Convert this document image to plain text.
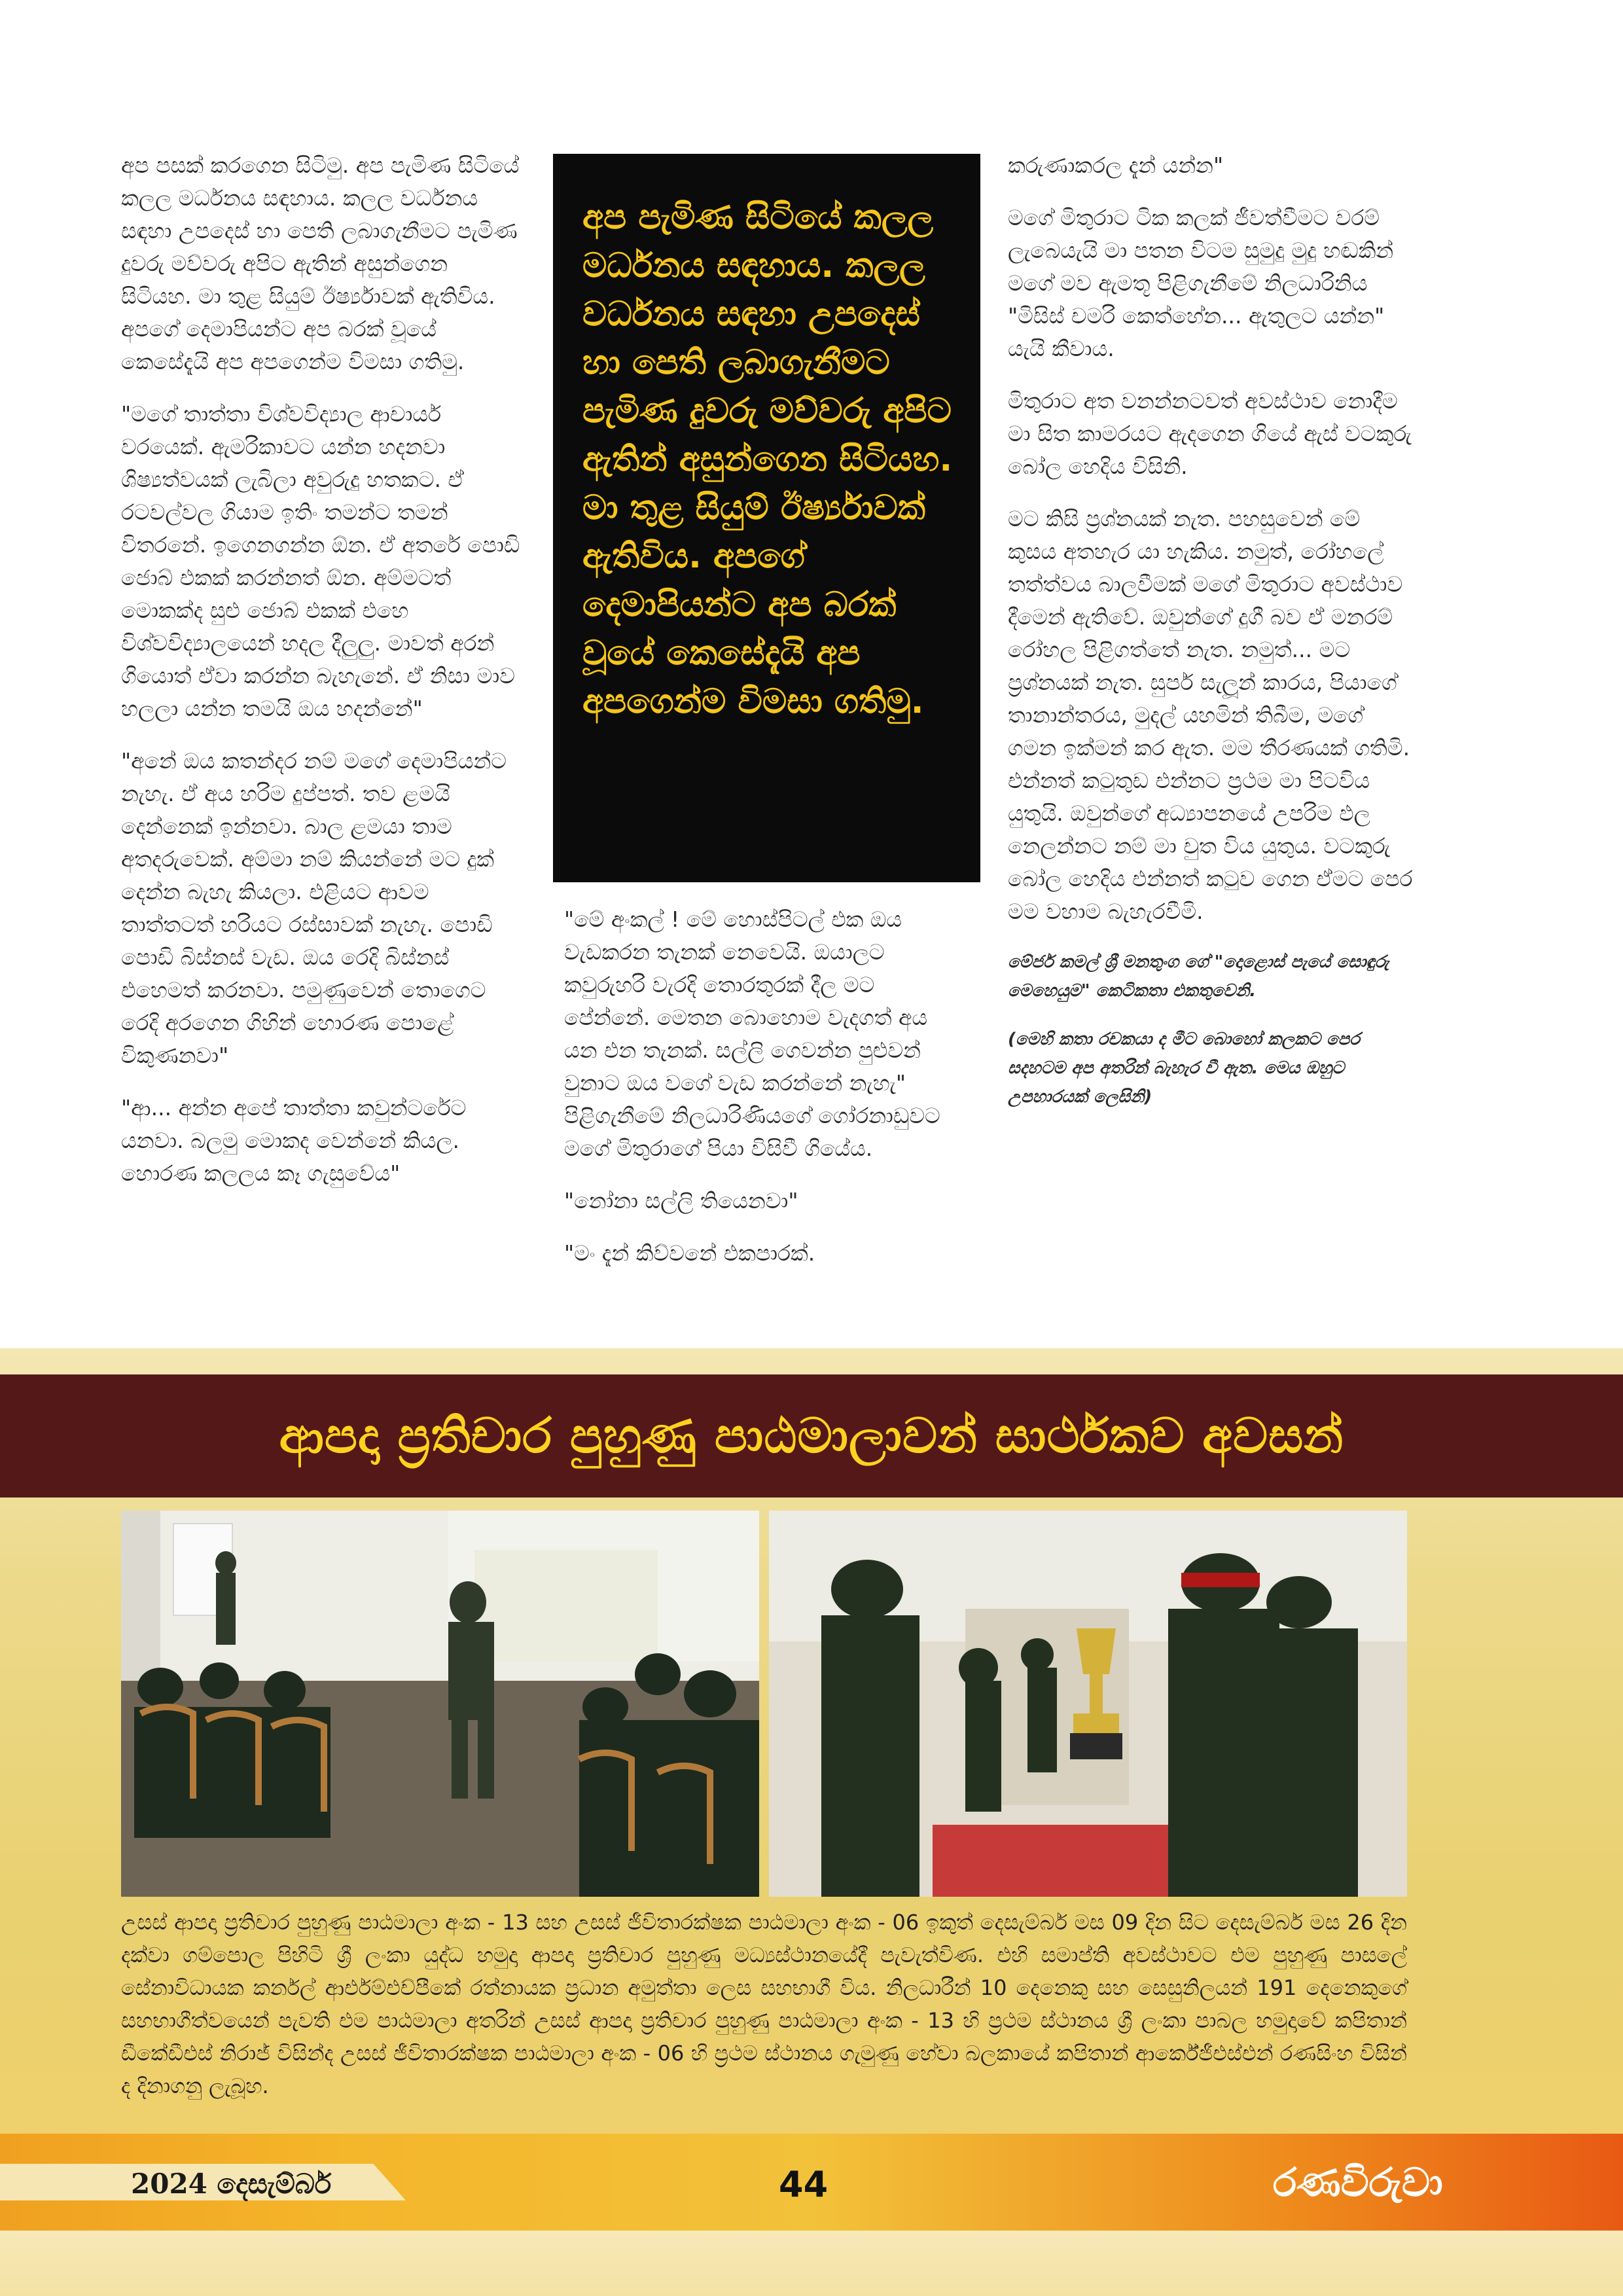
අප පසක් කරගෙන සිටිමු. අප පැමිණ සිටියේ කලල මර්ධනය සඳහාය. කලල වර්ධනය සඳහා උපදෙස් හා පෙති ලබාගැනීමට පැමිණ දුවරු මව්වරු අපිට ඇතින් අසුන්ගෙන සිටියහ. මා තුළ සියුම් ඊර්ෂ්‍යාවක් ඇතිවිය. අපගේ දෙමාපියන්ට අප බරක් වූයේ කෙසේදැයි අප අපගෙන්ම විමසා ගතිමු.

"මගේ තාත්තා විශ්වවිද්‍යාල ආචාර්ය වරයෙක්. ඇමරිකාවට යන්න හදනවා ශිෂ්‍යත්වයක් ලැබිලා අවුරුදු හතකට. ඒ රටවල්වල ගියාම ඉතිං තමන්ට තමන් විතරනේ. ඉගෙනගන්න ඕන. ඒ අතරේ පොඩි ජොබ් එකක් කරන්නත් ඕන. අම්මටත් මොකක්ද සුළු ජොබ් එකක් එහෙ විශ්වවිද්‍යාලයෙන් හදල දීලුලු. මාවත් අරන් ගියොත් ඒවා කරන්න බැහැනේ. ඒ නිසා මාව හලලා යන්න තමයි ඔය හදන්නේ"

"අනේ ඔය කතන්දර නම් මගේ දෙමාපියන්ට නැහැ. ඒ අය හරිම දුප්පත්. තව ළමයි දෙන්නෙක් ඉන්නවා. බාල ළමයා තාම අතදරුවෙක්. අම්මා නම් කියන්නේ මට දුක් දෙන්න බැහැ කියලා. එළියට ආවම තාත්තටත් හරියට රස්සාවක් නැහැ. පොඩි පොඩි බිස්නස් වැඩ. ඔය රෙදි බිස්නස් එහෙමත් කරනවා. පමුණුවෙන් තොගෙට රෙදි අරගෙන ගිහින් හොරණ පොළේ විකුණනවා"

"ආ... අන්න අපේ තාත්තා කවුන්ටරේට යනවා. බලමු මොකද වෙන්නේ කියල. හොරණ කලලය කෑ ගැසුවේය"

අප පැමිණ සිටියේ කලල මර්ධනය සඳහාය. කලල වර්ධනය සඳහා උපදෙස් හා පෙති ලබාගැනීමට පැමිණ දුවරු මව්වරු අපිට ඇතින් අසුන්ගෙන සිටියහ. මා තුළ සියුම් ඊර්ෂ්‍යාවක් ඇතිවිය. අපගේ දෙමාපියන්ට අප බරක් වූයේ කෙසේදැයි අප අපගෙන්ම විමසා ගතිමු.

"මේ අංකල් ! මේ හොස්පිටල් එක ඔය වැඩකරන තැනක් නෙවෙයි. ඔයාලට කවුරුහරි වැරදි තොරතුරක් දීල මට පේන්නේ. මෙතන බොහොම වැදගත් අය යන එන තැනක්. සල්ලි ගෙවන්න පුළුවන් වුනාට ඔය වගේ වැඩ කරන්නේ නැහැ" පිළිගැනීමේ නිලධාරිණියගේ ගෝරනාඩුවට මගේ මිතුරාගේ පියා විසිවී ගියේය.

"නෝනා සල්ලි තියෙනවා"

"මං දැන් කිව්වනේ එකපාරක්.

කරුණාකරල දැන් යන්න"

මගේ මිතුරාට ටික කලක් ජීවත්වීමට වරම් ලැබෙයැයි මා පතන විටම සුමුදු මුදු හඬකින් මගේ මව ඇමතූ පිළිගැනීමේ නිලධාරිනිය "මිසිස් චමරි කෙත්හේන... ඇතුලට යන්න" යැයි කීවාය.

මිතුරාට අත වනන්නටවත් අවස්ථාව නොදීම මා සිත කාමරයට ඇදගෙන ගියේ ඇස් වටකුරු බෝල හෙදිය විසිනි.

මට කිසි ප්‍රශ්නයක් නැත. පහසුවෙන් මේ කුසය අතහැර යා හැකිය. නමුත්, රෝහලේ තත්ත්වය බාලවීමක් මගේ මිතුරාට අවස්ථාව දීමෙන් ඇතිවේ. ඔවුන්ගේ දුගී බව ඒ මනරම් රෝහල පිළිගත්තේ නැත. නමුත්... මට ප්‍රශ්නයක් නැත. සුපර් සැලූන් කාරය, පියාගේ තානාන්තරය, මුදල් යහමින් තිබීම, මගේ ගමන ඉක්මන් කර ඇත. මම තීරණයක් ගතිමි. එන්නත් කටුතුඩ එන්නට ප්‍රථම මා පිටවිය යුතුයි. ඔවුන්ගේ අධ්‍යාපනයේ උපරිම ඵල නෙලන්නට නම් මා චුත විය යුතුය. වටකුරු බෝල හෙදිය එන්නත් කටුව ගෙන ඒමට පෙර මම වහාම බැහැරවීමි.

මේජර් කමල් ශ්‍රී මනතුංග ගේ "දොළොස් පැයේ සොඳුරු මෙහෙයුම" කෙටිකතා එකතුවෙනි.

(මෙහි කතා රචකයා ද මීට බොහෝ කලකට පෙර සදහටම අප අතරින් බැහැර වී ඇත. මෙය ඔහුට උපහාරයක් ලෙසිනි)

ආපදා ප්‍රතිචාර පුහුණු පාඨමාලාවන් සාර්ථකව අවසන්
උසස් ආපදා ප්‍රතිචාර පුහුණු පාඨමාලා අංක - 13 සහ උසස් ජීවිතාරක්ෂක පාඨමාලා අංක - 06 ඉකුත් දෙසැම්බර් මස 09 දින සිට දෙසැම්බර් මස 26 දින දක්වා ගම්පොල පිහිටි ශ්‍රී ලංකා යුද්ධ හමුදා ආපදා ප්‍රතිචාර පුහුණු මධ්‍යස්ථානයේදී පැවැත්විණ. එහි සමාප්ති අවස්ථාවට එම පුහුණු පාසලේ සේනාවිධායක කර්නල් ආර්එම්එච්පීකේ රත්නායක ප්‍රධාන අමුත්තා ලෙස සහභාගී විය. නිලධාරීන් 10 දෙනෙකු සහ සෙසුනිලයන් 191 දෙනෙකුගේ සහභාගීත්වයෙන් පැවති එම පාඨමාලා අතරින් උසස් ආපදා ප්‍රතිචාර පුහුණු පාඨමාලා අංක - 13 හි ප්‍රථම ස්ථානය ශ්‍රී ලංකා පාබල හමුදාවේ කපිතාන් ඩීකේඩීඑස් නිරාජ් විසින්ද උසස් ජීවිතාරක්ෂක පාඨමාලා අංක - 06 හි ප්‍රථම ස්ථානය ගැමුණු හේවා බලකායේ කපිතාන් ආර්කේජීඑස්එන් රණසිංහ විසින් ද දිනාගනු ලැබූහ.
2024 දෙසැම්බර්	44	රණවිරුවා
